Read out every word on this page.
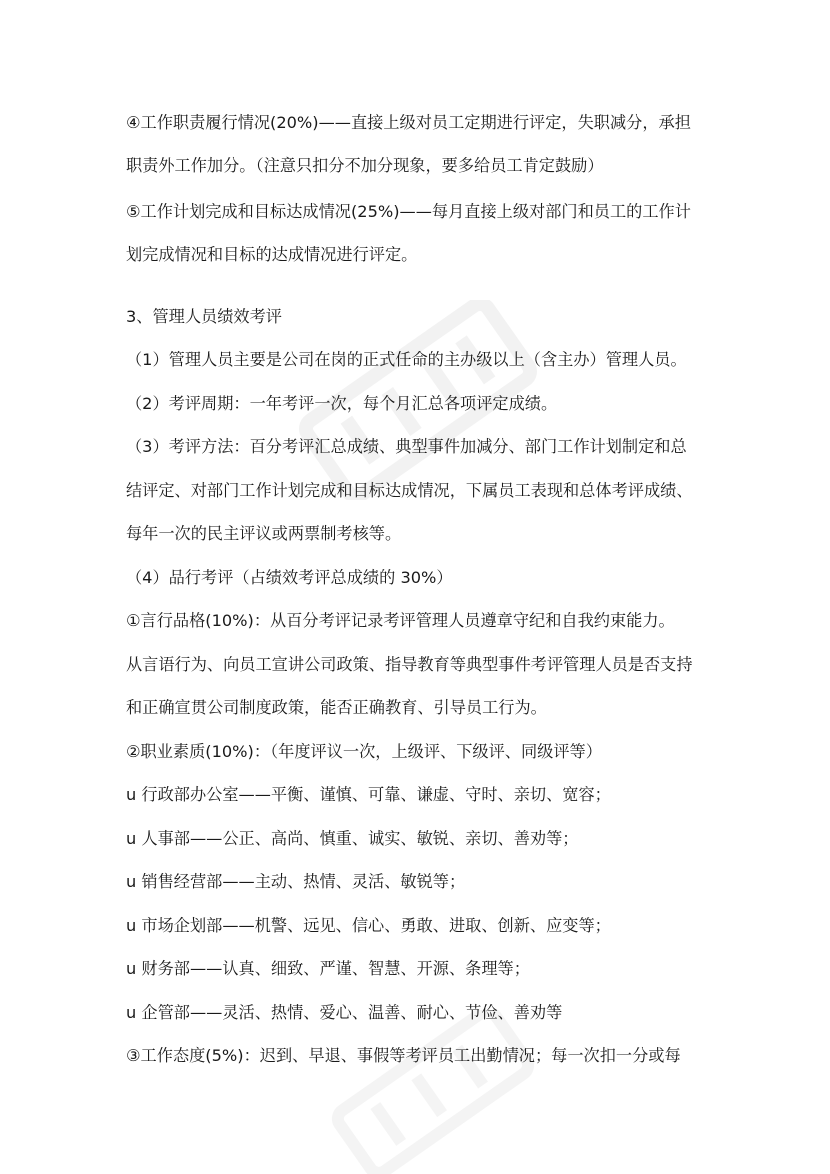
④工作职责履行情况(20%)——直接上级对员工定期进行评定，失职减分，承担
职责外工作加分。（注意只扣分不加分现象，要多给员工肯定鼓励）
⑤工作计划完成和目标达成情况(25%)——每月直接上级对部门和员工的工作计
划完成情况和目标的达成情况进行评定。
3、管理人员绩效考评
（1）管理人员主要是公司在岗的正式任命的主办级以上（含主办）管理人员。
（2）考评周期：一年考评一次，每个月汇总各项评定成绩。
（3）考评方法：百分考评汇总成绩、典型事件加减分、部门工作计划制定和总
结评定、对部门工作计划完成和目标达成情况，下属员工表现和总体考评成绩、
每年一次的民主评议或两票制考核等。
（4）品行考评（占绩效考评总成绩的 30%）
①言行品格(10%)：从百分考评记录考评管理人员遵章守纪和自我约束能力。
从言语行为、向员工宣讲公司政策、指导教育等典型事件考评管理人员是否支持
和正确宣贯公司制度政策，能否正确教育、引导员工行为。
②职业素质(10%)：（年度评议一次，上级评、下级评、同级评等）
u 行政部办公室——平衡、谨慎、可靠、谦虚、守时、亲切、宽容；
u 人事部——公正、高尚、慎重、诚实、敏锐、亲切、善劝等；
u 销售经营部——主动、热情、灵活、敏锐等；
u 市场企划部——机警、远见、信心、勇敢、进取、创新、应变等；
u 财务部——认真、细致、严谨、智慧、开源、条理等；
u 企管部——灵活、热情、爱心、温善、耐心、节俭、善劝等
③工作态度(5%)：迟到、早退、事假等考评员工出勤情况；每一次扣一分或每
